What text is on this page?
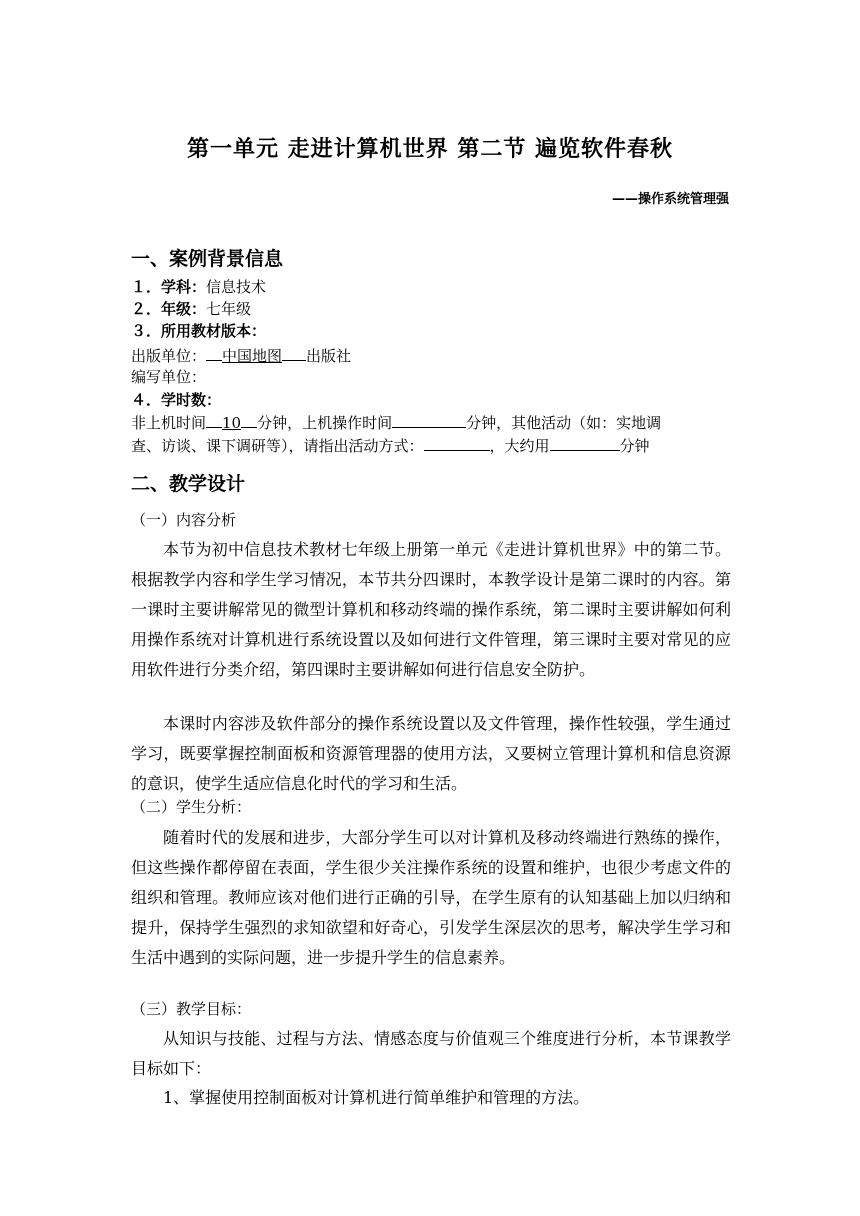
第一单元 走进计算机世界 第二节 遍览软件春秋
——操作系统管理强
一、案例背景信息
１．学科：信息技术
２．年级：七年级
３．所用教材版本：
出版单位： 中国地图 出版社
编写单位：
４．学时数：
非上机时间 10 分钟，上机操作时间	分钟，其他活动（如：实地调
查、访谈、课下调研等），请指出活动方式：	，大约用	分钟
二、教学设计
（一）内容分析
本节为初中信息技术教材七年级上册第一单元《走进计算机世界》中的第二节。根据教学内容和学生学习情况，本节共分四课时，本教学设计是第二课时的内容。第一课时主要讲解常见的微型计算机和移动终端的操作系统，第二课时主要讲解如何利用操作系统对计算机进行系统设置以及如何进行文件管理，第三课时主要对常见的应用软件进行分类介绍，第四课时主要讲解如何进行信息安全防护。
本课时内容涉及软件部分的操作系统设置以及文件管理，操作性较强，学生通过学习，既要掌握控制面板和资源管理器的使用方法，又要树立管理计算机和信息资源的意识，使学生适应信息化时代的学习和生活。
（二）学生分析：
随着时代的发展和进步，大部分学生可以对计算机及移动终端进行熟练的操作，但这些操作都停留在表面，学生很少关注操作系统的设置和维护，也很少考虑文件的组织和管理。教师应该对他们进行正确的引导，在学生原有的认知基础上加以归纳和提升，保持学生强烈的求知欲望和好奇心，引发学生深层次的思考，解决学生学习和生活中遇到的实际问题，进一步提升学生的信息素养。
（三）教学目标：
从知识与技能、过程与方法、情感态度与价值观三个维度进行分析，本节课教学目标如下：
1、掌握使用控制面板对计算机进行简单维护和管理的方法。
